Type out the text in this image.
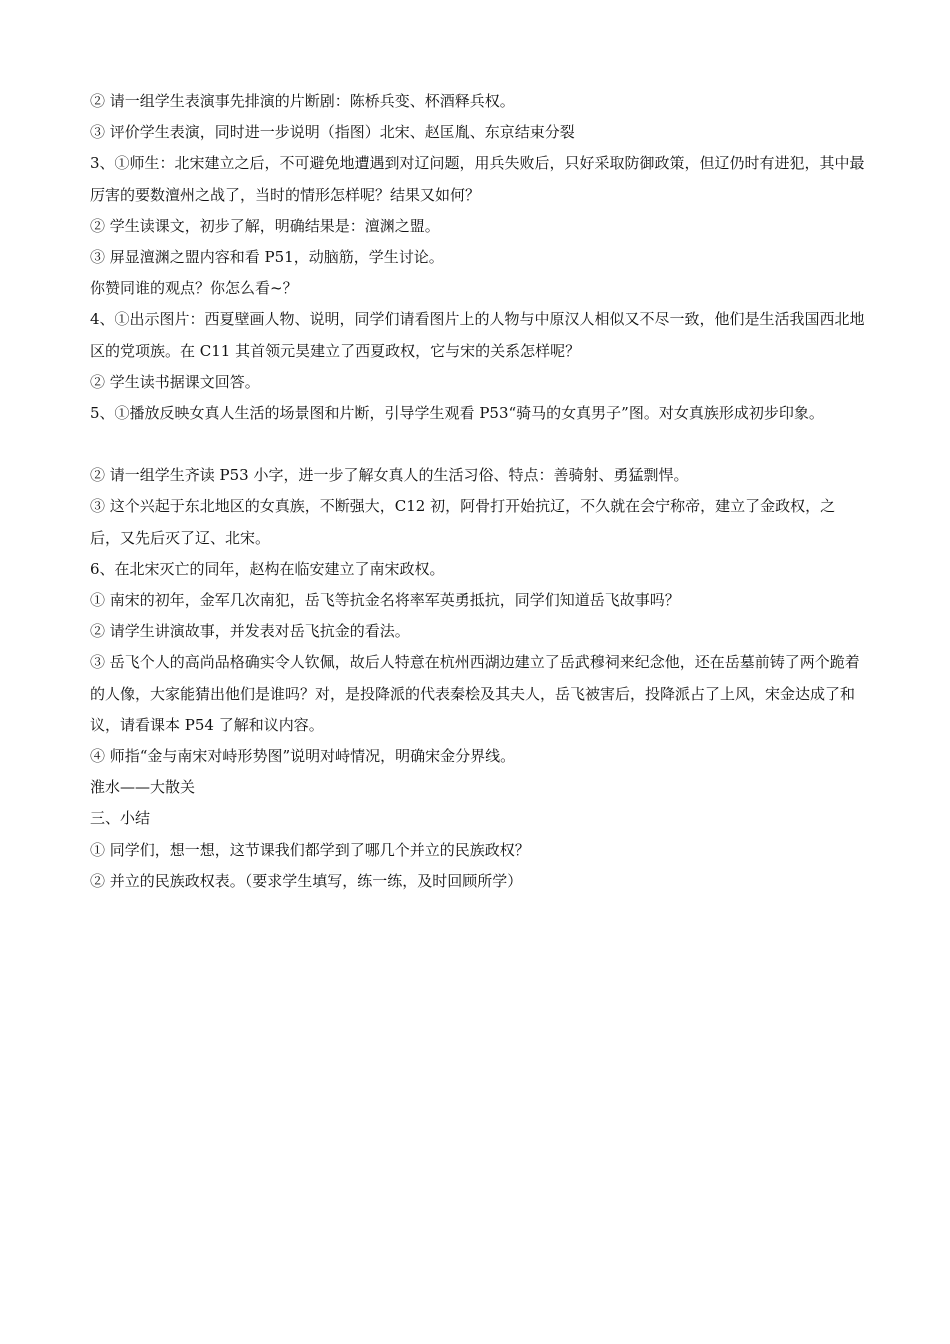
② 请一组学生表演事先排演的片断剧：陈桥兵变、杯酒释兵权。
③ 评价学生表演，同时进一步说明（指图）北宋、赵匡胤、东京结束分裂
3、①师生：北宋建立之后，不可避免地遭遇到对辽问题，用兵失败后，只好采取防御政策，但辽仍时有进犯，其中最厉害的要数澶州之战了，当时的情形怎样呢？结果又如何？
② 学生读课文，初步了解，明确结果是：澶渊之盟。
③ 屏显澶渊之盟内容和看 P51，动脑筋，学生讨论。
你赞同谁的观点？你怎么看~？
4、①出示图片：西夏壁画人物、说明，同学们请看图片上的人物与中原汉人相似又不尽一致，他们是生活我国西北地区的党项族。在 C11 其首领元昊建立了西夏政权，它与宋的关系怎样呢？
② 学生读书据课文回答。
5、①播放反映女真人生活的场景图和片断，引导学生观看 P53“骑马的女真男子”图。对女真族形成初步印象。
② 请一组学生齐读 P53 小字，进一步了解女真人的生活习俗、特点：善骑射、勇猛剽悍。
③ 这个兴起于东北地区的女真族，不断强大，C12 初，阿骨打开始抗辽，不久就在会宁称帝，建立了金政权，之后，又先后灭了辽、北宋。
6、在北宋灭亡的同年，赵构在临安建立了南宋政权。
① 南宋的初年，金军几次南犯，岳飞等抗金名将率军英勇抵抗，同学们知道岳飞故事吗？
② 请学生讲演故事，并发表对岳飞抗金的看法。
③ 岳飞个人的高尚品格确实令人钦佩，故后人特意在杭州西湖边建立了岳武穆祠来纪念他，还在岳墓前铸了两个跪着的人像，大家能猜出他们是谁吗？对，是投降派的代表秦桧及其夫人，岳飞被害后，投降派占了上风，宋金达成了和议，请看课本 P54 了解和议内容。
④ 师指“金与南宋对峙形势图”说明对峙情况，明确宋金分界线。
淮水——大散关
三、小结
① 同学们，想一想，这节课我们都学到了哪几个并立的民族政权？
② 并立的民族政权表。（要求学生填写，练一练，及时回顾所学）
